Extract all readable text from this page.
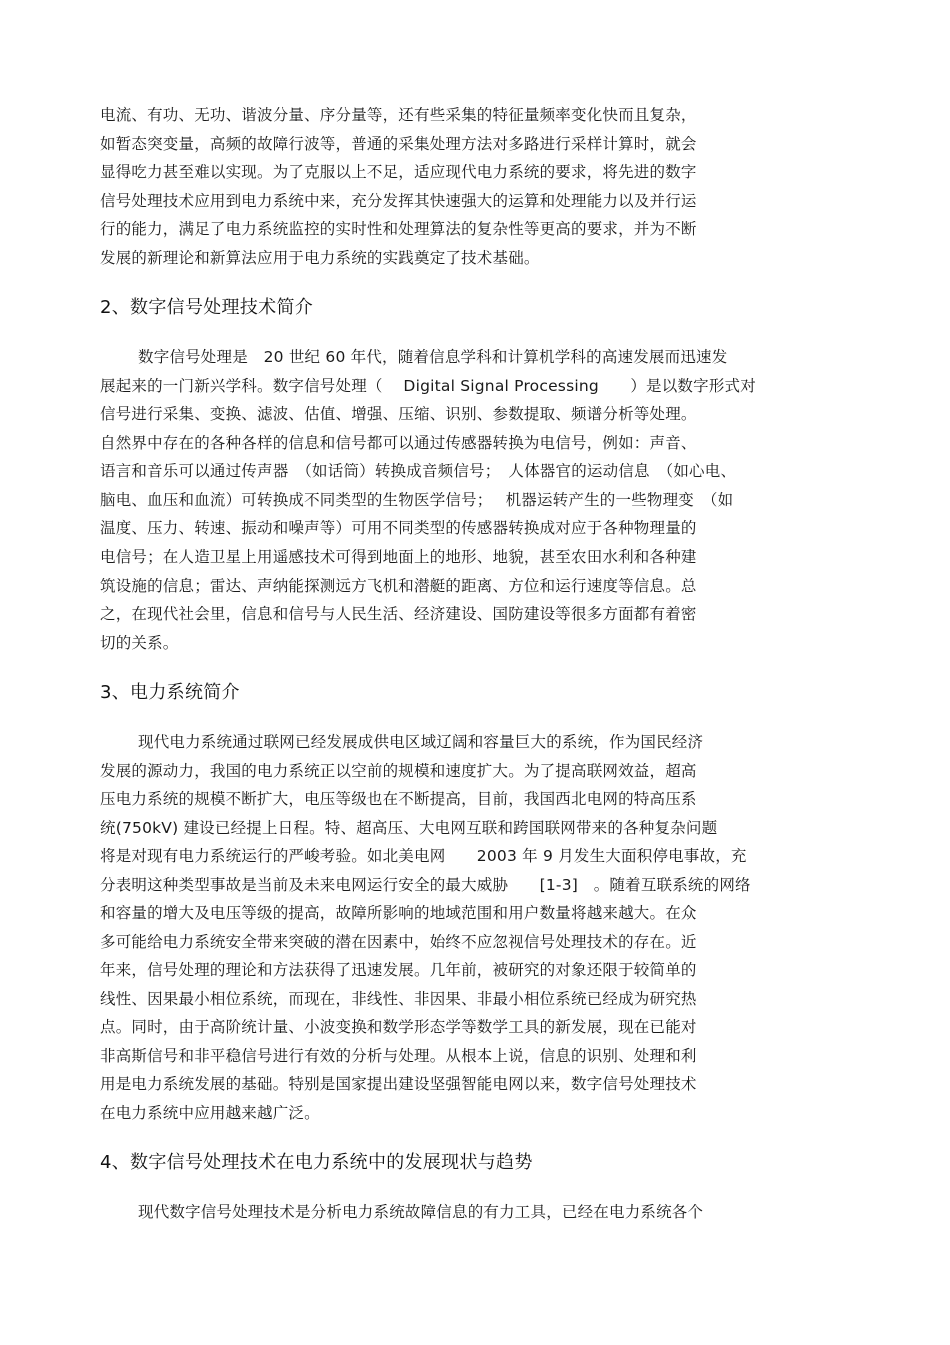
电流、有功、无功、谐波分量、序分量等，还有些采集的特征量频率变化快而且复杂，
如暂态突变量，高频的故障行波等，普通的采集处理方法对多路进行采样计算时，就会
显得吃力甚至难以实现。为了克服以上不足，适应现代电力系统的要求，将先进的数字
信号处理技术应用到电力系统中来，充分发挥其快速强大的运算和处理能力以及并行运
行的能力，满足了电力系统监控的实时性和处理算法的复杂性等更高的要求，并为不断
发展的新理论和新算法应用于电力系统的实践奠定了技术基础。
2、数字信号处理技术简介
数字信号处理是　20 世纪 60 年代，随着信息学科和计算机学科的高速发展而迅速发
展起来的一门新兴学科。数字信号处理（　 Digital Signal Processing　　）是以数字形式对
信号进行采集、变换、滤波、估值、增强、压缩、识别、参数提取、频谱分析等处理。
自然界中存在的各种各样的信息和信号都可以通过传感器转换为电信号，例如：声音、
语言和音乐可以通过传声器　（如话筒）转换成音频信号；　人体器官的运动信息　（如心电、
脑电、血压和血流）可转换成不同类型的生物医学信号；　 机器运转产生的一些物理变　（如
温度、压力、转速、振动和噪声等）可用不同类型的传感器转换成对应于各种物理量的
电信号；在人造卫星上用遥感技术可得到地面上的地形、地貌，甚至农田水利和各种建
筑设施的信息；雷达、声纳能探测远方飞机和潜艇的距离、方位和运行速度等信息。总
之，在现代社会里，信息和信号与人民生活、经济建设、国防建设等很多方面都有着密
切的关系。
3、电力系统简介
现代电力系统通过联网已经发展成供电区域辽阔和容量巨大的系统，作为国民经济
发展的源动力，我国的电力系统正以空前的规模和速度扩大。为了提高联网效益，超高
压电力系统的规模不断扩大，电压等级也在不断提高，目前，我国西北电网的特高压系
统(750kV) 建设已经提上日程。特、超高压、大电网互联和跨国联网带来的各种复杂问题
将是对现有电力系统运行的严峻考验。如北美电网　　2003 年 9 月发生大面积停电事故，充
分表明这种类型事故是当前及未来电网运行安全的最大威胁　　[1-3]　。随着互联系统的网络
和容量的增大及电压等级的提高，故障所影响的地域范围和用户数量将越来越大。在众
多可能给电力系统安全带来突破的潜在因素中，始终不应忽视信号处理技术的存在。近
年来，信号处理的理论和方法获得了迅速发展。几年前，被研究的对象还限于较简单的
线性、因果最小相位系统，而现在，非线性、非因果、非最小相位系统已经成为研究热
点。同时，由于高阶统计量、小波变换和数学形态学等数学工具的新发展，现在已能对
非高斯信号和非平稳信号进行有效的分析与处理。从根本上说，信息的识别、处理和利
用是电力系统发展的基础。特别是国家提出建设坚强智能电网以来，数字信号处理技术
在电力系统中应用越来越广泛。
4、数字信号处理技术在电力系统中的发展现状与趋势
现代数字信号处理技术是分析电力系统故障信息的有力工具，已经在电力系统各个
